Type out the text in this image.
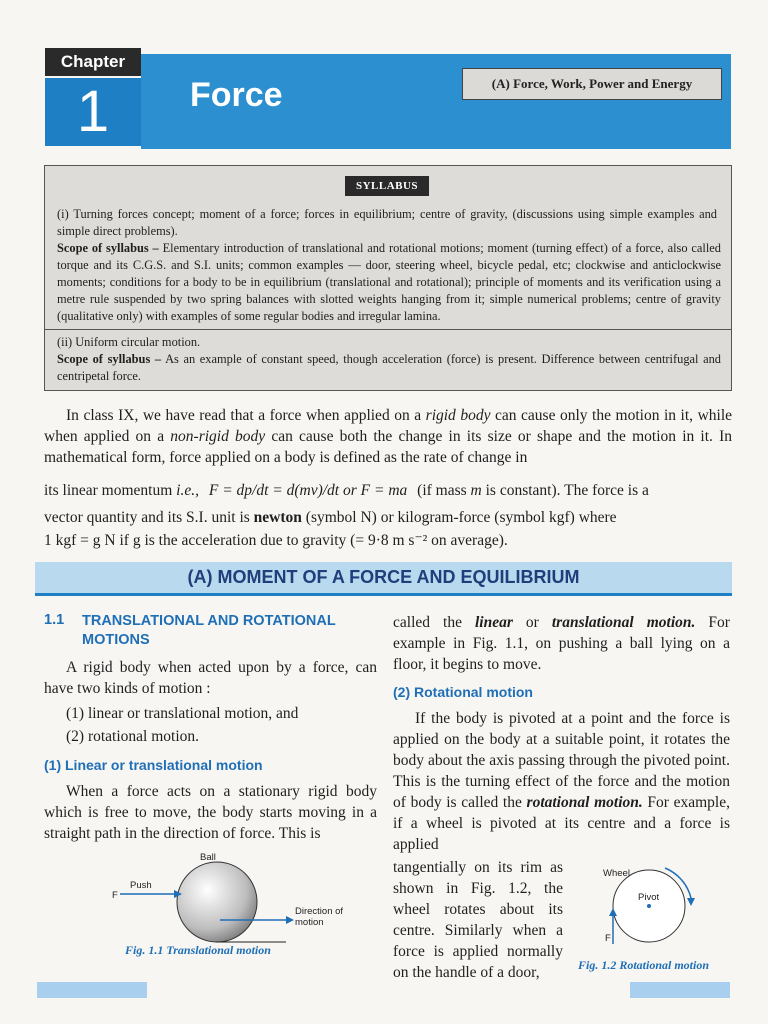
Chapter
1	Force	(A) Force, Work, Power and Energy
SYLLABUS
(i) Turning forces concept; moment of a force; forces in equilibrium; centre of gravity, (discussions using simple examples and simple direct problems).
Scope of syllabus – Elementary introduction of translational and rotational motions; moment (turning effect) of a force, also called torque and its C.G.S. and S.I. units; common examples — door, steering wheel, bicycle pedal, etc; clockwise and anticlockwise moments; conditions for a body to be in equilibrium (translational and rotational); principle of moments and its verification using a metre rule suspended by two spring balances with slotted weights hanging from it; simple numerical problems; centre of gravity (qualitative only) with examples of some regular bodies and irregular lamina.
(ii) Uniform circular motion.
Scope of syllabus – As an example of constant speed, though acceleration (force) is present. Difference between centrifugal and centripetal force.
In class IX, we have read that a force when applied on a rigid body can cause only the motion in it, while when applied on a non-rigid body can cause both the change in its size or shape and the motion in it. In mathematical form, force applied on a body is defined as the rate of change in
its linear momentum i.e., F = dp/dt = d(mv)/dt or F = ma (if mass m is constant). The force is a
vector quantity and its S.I. unit is newton (symbol N) or kilogram-force (symbol kgf) where
1 kgf = g N if g is the acceleration due to gravity (= 9·8 m s⁻² on average).
(A) MOMENT OF A FORCE AND EQUILIBRIUM
1.1 TRANSLATIONAL AND ROTATIONAL MOTIONS
A rigid body when acted upon by a force, can have two kinds of motion :
(1) linear or translational motion, and
(2) rotational motion.
(1) Linear or translational motion
When a force acts on a stationary rigid body which is free to move, the body starts moving in a straight path in the direction of force. This is
Ball
Push
F
Direction of motion
Fig. 1.1 Translational motion
called the linear or translational motion. For example in Fig. 1.1, on pushing a ball lying on a floor, it begins to move.
(2) Rotational motion
If the body is pivoted at a point and the force is applied on the body at a suitable point, it rotates the body about the axis passing through the pivoted point. This is the turning effect of the force and the motion of body is called the rotational motion. For example, if a wheel is pivoted at its centre and a force is applied
tangentially on its rim as shown in Fig. 1.2, the wheel rotates about its centre. Similarly when a force is applied normally on the handle of a door,
Wheel
Pivot
F
Fig. 1.2 Rotational motion
